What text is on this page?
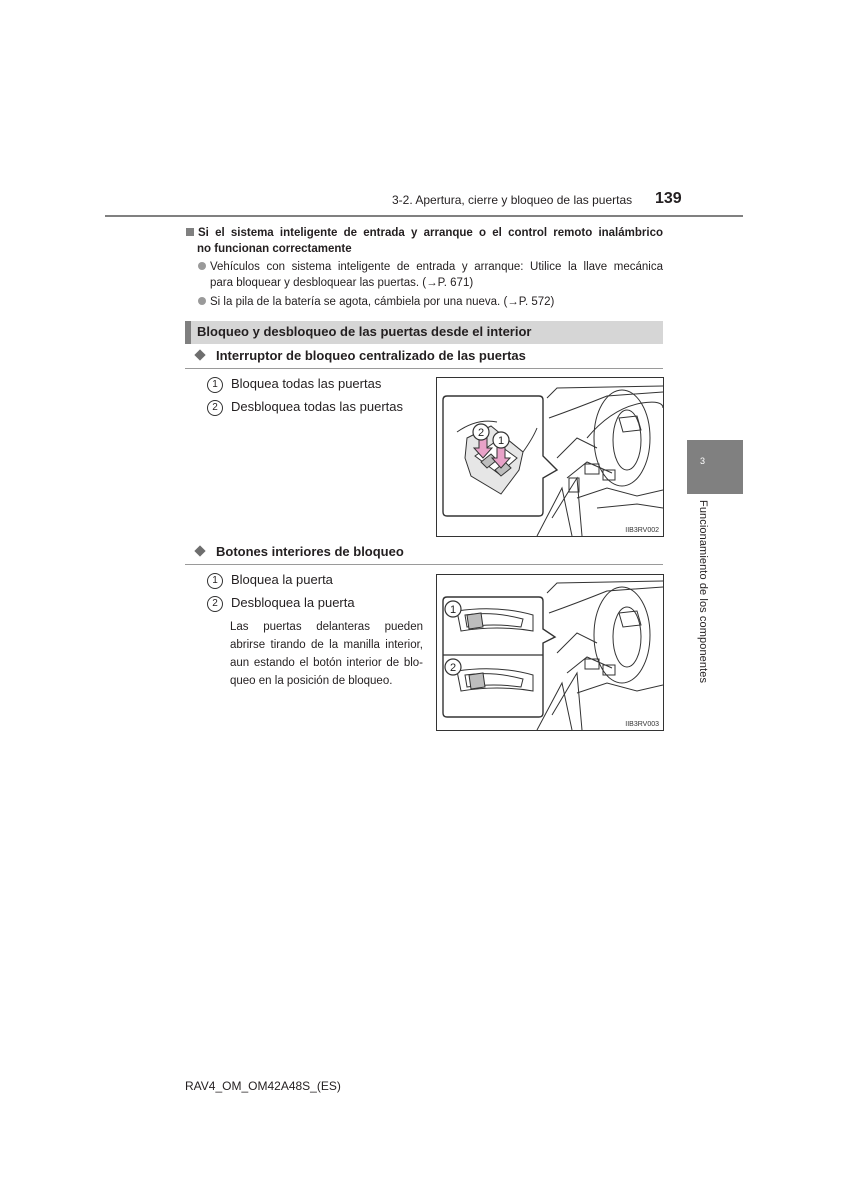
3-2. Apertura, cierre y bloqueo de las puertas 139
3
Funcionamiento de los componentes
Si el sistema inteligente de entrada y arranque o el control remoto inalámbrico
no funcionan correctamente
Vehículos con sistema inteligente de entrada y arranque: Utilice la llave mecánica
para bloquear y desbloquear las puertas. (→P. 671)
Si la pila de la batería se agota, cámbiela por una nueva. (→P. 572)
Bloqueo y desbloqueo de las puertas desde el interior
Interruptor de bloqueo centralizado de las puertas
1 Bloquea todas las puertas
2 Desbloquea todas las puertas
2
1
IIB3RV002
Botones interiores de bloqueo
1 Bloquea la puerta
2 Desbloquea la puerta
Las puertas delanteras pueden
abrirse tirando de la manilla interior,
aun estando el botón interior de blo-
queo en la posición de bloqueo.
1
2
IIB3RV003
RAV4_OM_OM42A48S_(ES)
